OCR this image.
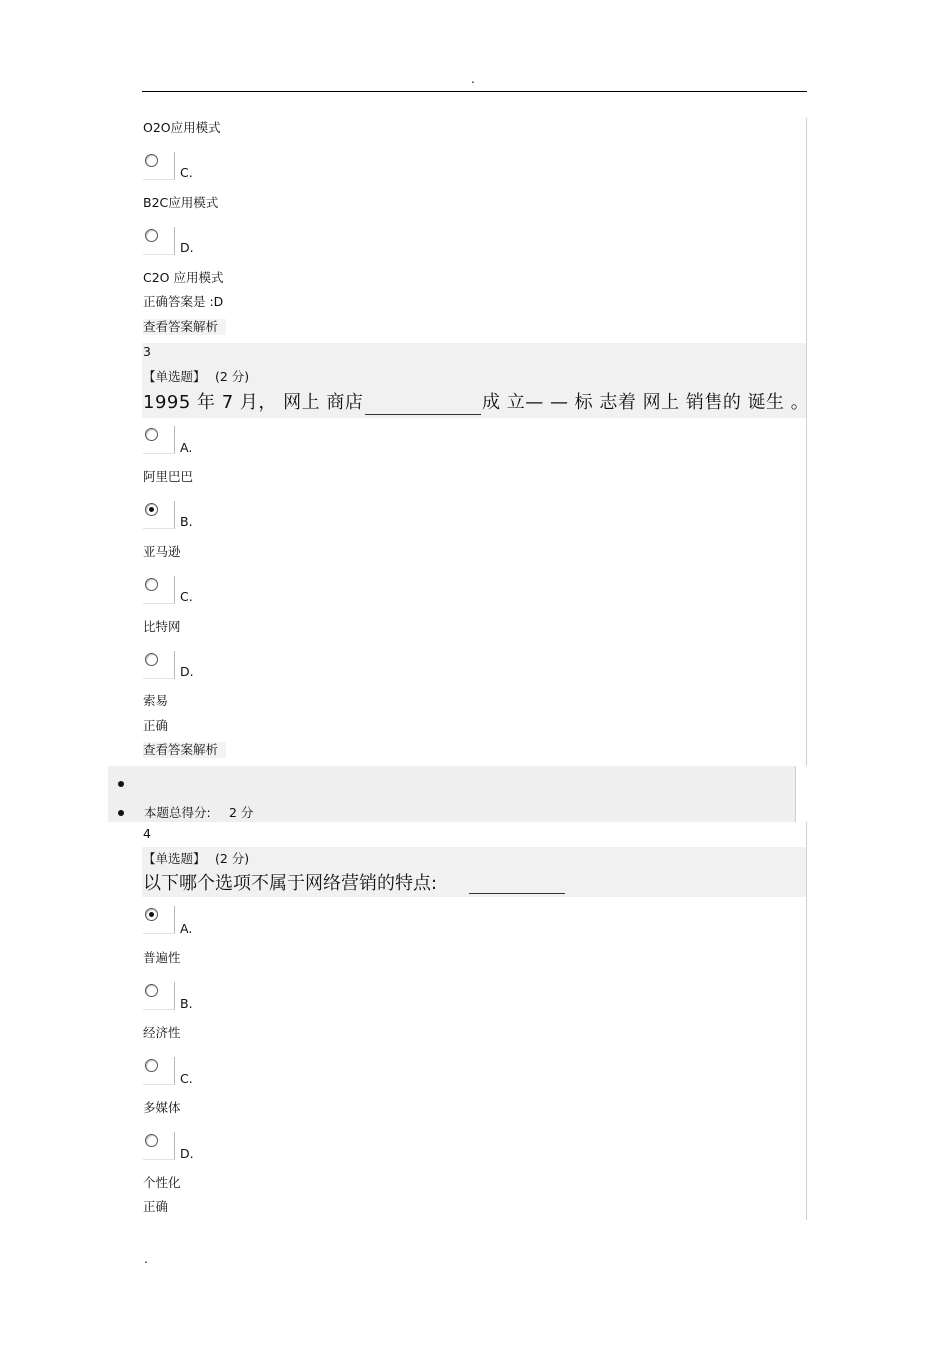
.
.
O2O应用模式
C.
B2C应用模式
D.
C2O 应用模式
正确答案是 :D
查看答案解析
3
【单选题】 (2 分)
1995 年 7 月， 网上 商店	成 立— — 标 志着 网上 销售的 诞生 。
A.
阿里巴巴
B.
亚马逊
C.
比特网
D.
索易
正确
查看答案解析
本题总得分: 2 分
4
【单选题】 (2 分)
以下哪个选项不属于网络营销的特点:
A.
普遍性
B.
经济性
C.
多媒体
D.
个性化
正确
